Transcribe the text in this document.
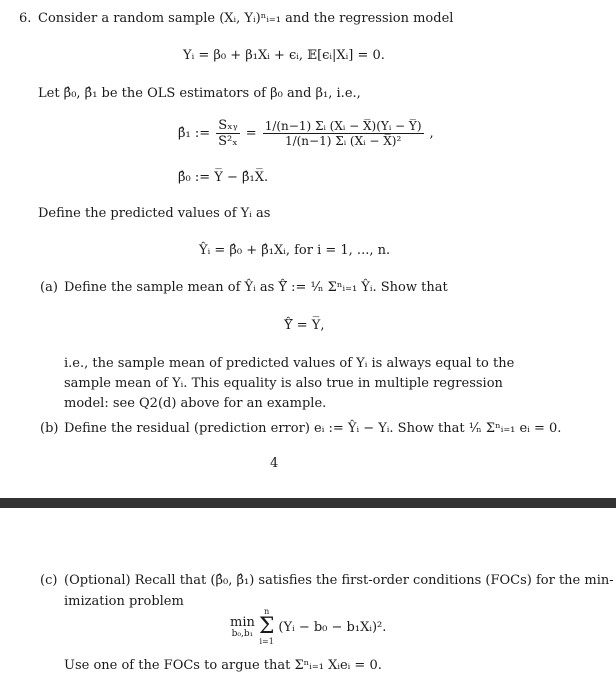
6. Consider a random sample (Xᵢ, Yᵢ)ⁿᵢ₌₁ and the regression model
Yᵢ = β₀ + β₁Xᵢ + ϵᵢ, 𝔼[ϵᵢ|Xᵢ] = 0.
Let β̂₀, β̂₁ be the OLS estimators of β₀ and β₁, i.e.,
β̂₁ := $\frac{\text{Sₓᵧ}}{\text{S²ₓ}} = \frac{\text{1/(n−1) Σᵢ (Xᵢ − X̅)(Yᵢ − Y̅)}}{\text{1/(n−1) Σᵢ (Xᵢ − X̅)²}}$ ,
β̂₀ := Y̅ − β̂₁X̅.
Define the predicted values of Yᵢ as
Ŷᵢ = β̂₀ + β̂₁Xᵢ, for i = 1, ..., n.
(a) Define the sample mean of Ŷᵢ as Ŷ̅ := ¹⁄ₙ Σⁿᵢ₌₁ Ŷᵢ. Show that
Ŷ̅ = Y̅,
i.e., the sample mean of predicted values of Yᵢ is always equal to the sample mean of Yᵢ. This equality is also true in multiple regression model: see Q2(d) above for an example.
(b) Define the residual (prediction error) eᵢ := Ŷᵢ − Yᵢ. Show that ¹⁄ₙ Σⁿᵢ₌₁ eᵢ = 0.
4
(c) (Optional) Recall that (β̂₀, β̂₁) satisfies the first-order conditions (FOCs) for the min-
imization problem
min
b₀,b₁
n
Σ
i=1
(Yᵢ − b₀ − b₁Xᵢ)².
Use one of the FOCs to argue that Σⁿᵢ₌₁ Xᵢeᵢ = 0.
